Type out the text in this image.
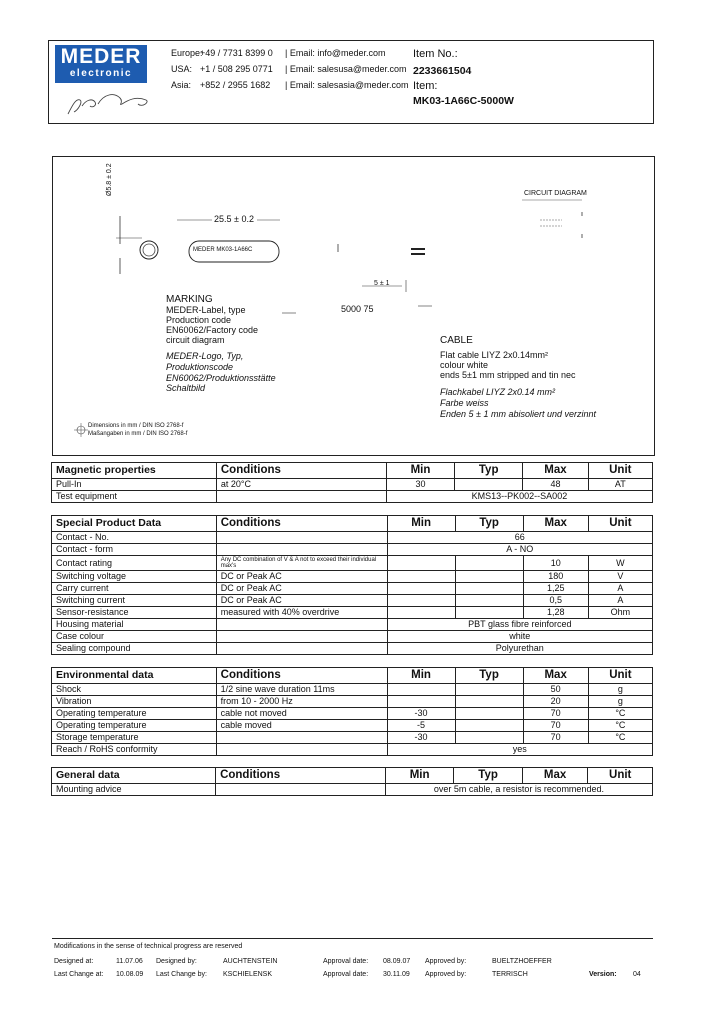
MEDER
electronic
Europe:
+49 / 7731 8399 0 | Email: info@meder.com
USA: +1 / 508 295 0771 | Email: salesusa@meder.com
Asia: +852 / 2955 1682 | Email: salesasia@meder.com
Item No.:
2233661504
Item:
MK03-1A66C-5000W
Ø5.8 ± 0.2
25.5 ± 0.2
MEDER MK03-1A66C
5 ± 1
5000 75
CIRCUIT DIAGRAM
MARKING
MEDER-Label, type
Production code
EN60062/Factory code
circuit diagram
MEDER-Logo, Typ,
Produktionscode
EN60062/Produktionsstätte
Schaltbild
CABLE
Flat cable LIYZ 2x0.14mm²
colour white
ends 5±1 mm stripped and tin nec
Flachkabel LIYZ 2x0.14 mm²
Farbe weiss
Enden 5 ± 1 mm abisoliert und verzinnt
Dimensions in mm / DIN ISO 2768-f
Maßangaben in mm / DIN ISO 2768-f
Magnetic properties	Conditions	Min	Typ	Max	Unit
Pull-In	at 20°C	30		48	AT
Test equipment		KMS13--PK002--SA002			
Special Product Data	Conditions	Min	Typ	Max	Unit
Contact - No.		66			
Contact - form		A - NO			
Contact rating	Any DC combination of V & A not to exceed their individual max's			10	W
Switching voltage	DC or Peak AC			180	V
Carry current	DC or Peak AC			1,25	A
Switching current	DC or Peak AC			0,5	A
Sensor-resistance	measured with 40% overdrive			1,28	Ohm
Housing material		PBT glass fibre reinforced			
Case colour		white			
Sealing compound		Polyurethan			
Environmental data	Conditions	Min	Typ	Max	Unit
Shock	1/2 sine wave duration 11ms			50	g
Vibration	from 10 - 2000 Hz			20	g
Operating temperature	cable not moved	-30		70	°C
Operating temperature	cable moved	-5		70	°C
Storage temperature		-30		70	°C
Reach / RoHS conformity		yes			
General data	Conditions	Min	Typ	Max	Unit
Mounting advice		over 5m cable, a resistor is recommended.			
Modifications in the sense of technical progress are reserved
Designed at:	11.07.06 Designed by:	AUCHTENSTEIN	Approval date: 08.09.07 Approved by:	BUELTZHOEFFER
Last Change at: 10.08.09 Last Change by: KSCHIELENSK	Approval date: 30.11.09 Approved by:	TERRISCH	Version: 04
